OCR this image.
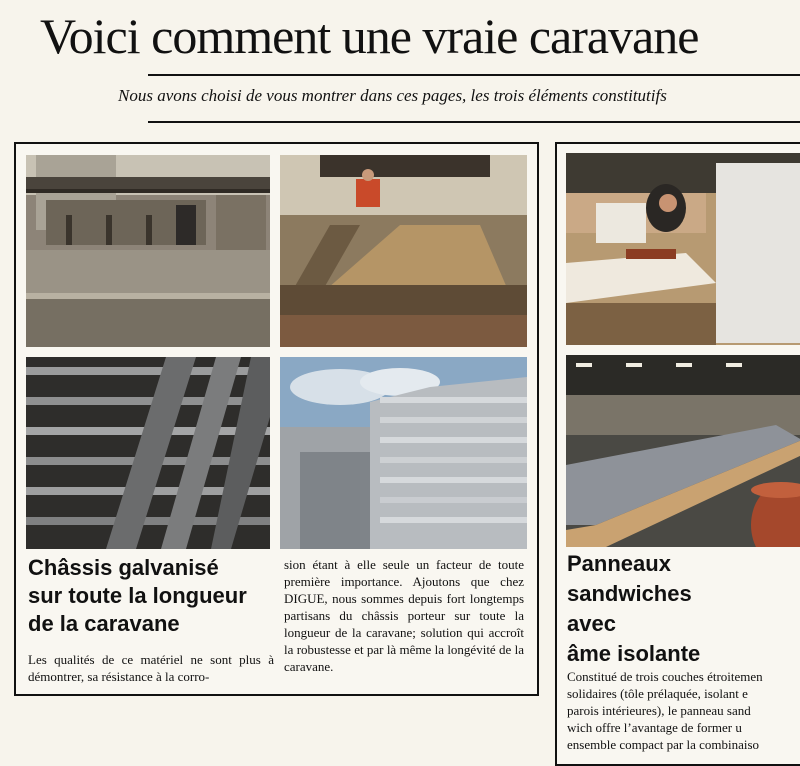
Voici comment une vraie caravane
Nous avons choisi de vous montrer dans ces pages, les trois éléments constitutifs
Châssis galvanisé
sur toute la longueur
de la caravane
Les qualités de ce matériel ne sont plus à démontrer, sa résistance à la corro-
sion étant à elle seule un facteur de toute première importance. Ajoutons que chez DIGUE, nous sommes depuis fort longtemps partisans du châssis porteur sur toute la longueur de la caravane; solution qui accroît la robustesse et par là même la longévité de la caravane.
Panneaux
sandwiches
avec
âme isolante
Constitué de trois couches étroitemen
solidaires (tôle prélaquée, isolant e
parois intérieures), le panneau sand
wich offre l’avantage de former u
ensemble compact par la combinaiso
